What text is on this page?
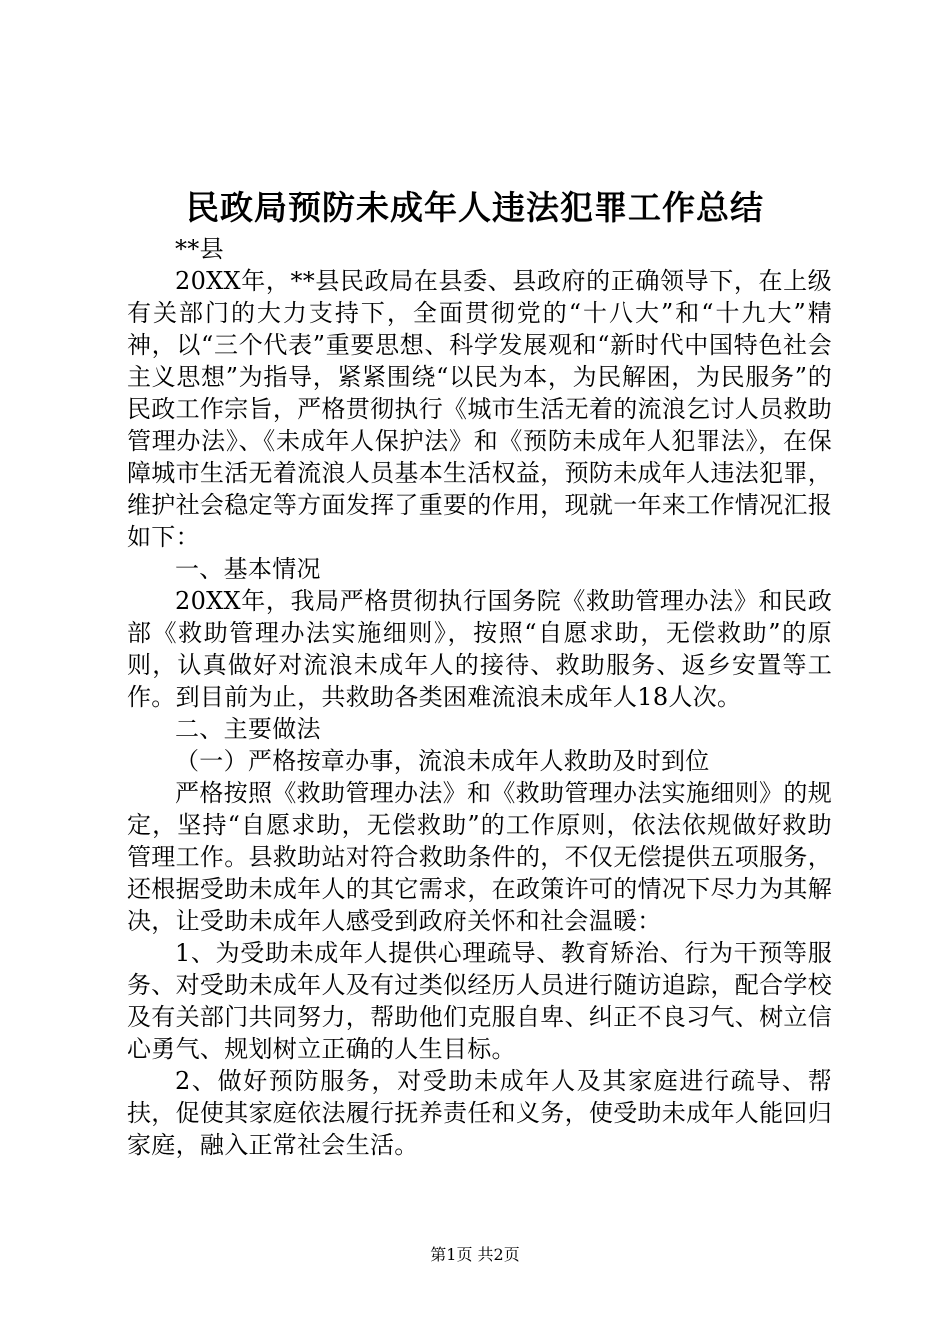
民政局预防未成年人违法犯罪工作总结

**县

20XX年，**县民政局在县委、县政府的正确领导下，在上级有关部门的大力支持下，全面贯彻党的“十八大”和“十九大”精神，以“三个代表”重要思想、科学发展观和“新时代中国特色社会主义思想”为指导，紧紧围绕“以民为本，为民解困，为民服务”的民政工作宗旨，严格贯彻执行《城市生活无着的流浪乞讨人员救助管理办法》、《未成年人保护法》和《预防未成年人犯罪法》，在保障城市生活无着流浪人员基本生活权益，预防未成年人违法犯罪，维护社会稳定等方面发挥了重要的作用，现就一年来工作情况汇报如下：

一、基本情况

20XX年，我局严格贯彻执行国务院《救助管理办法》和民政部《救助管理办法实施细则》，按照“自愿求助，无偿救助”的原则，认真做好对流浪未成年人的接待、救助服务、返乡安置等工作。到目前为止，共救助各类困难流浪未成年人18人次。

二、主要做法

（一）严格按章办事，流浪未成年人救助及时到位

严格按照《救助管理办法》和《救助管理办法实施细则》的规定，坚持“自愿求助，无偿救助”的工作原则，依法依规做好救助管理工作。县救助站对符合救助条件的，不仅无偿提供五项服务，还根据受助未成年人的其它需求，在政策许可的情况下尽力为其解决，让受助未成年人感受到政府关怀和社会温暖：

1、为受助未成年人提供心理疏导、教育矫治、行为干预等服务、对受助未成年人及有过类似经历人员进行随访追踪，配合学校及有关部门共同努力，帮助他们克服自卑、纠正不良习气、树立信心勇气、规划树立正确的人生目标。

2、做好预防服务，对受助未成年人及其家庭进行疏导、帮扶，促使其家庭依法履行抚养责任和义务，使受助未成年人能回归家庭，融入正常社会生活。

第1页 共2页
